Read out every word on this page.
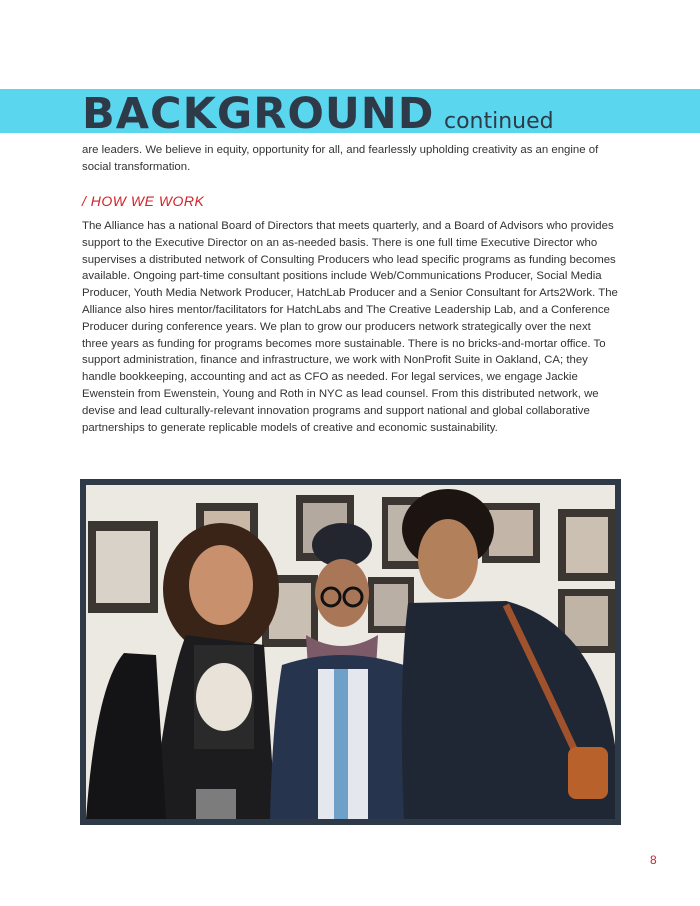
BACKGROUND continued

are leaders. We believe in equity, opportunity for all, and fearlessly upholding creativity as an engine of social transformation.

/ HOW WE WORK

The Alliance has a national Board of Directors that meets quarterly, and a Board of Advisors who provides support to the Executive Director on an as-needed basis. There is one full time Executive Director who supervises a distributed network of Consulting Producers who lead specific programs as funding becomes available. Ongoing part-time consultant positions include Web/Communications Producer, Social Media Producer, Youth Media Network Producer, HatchLab Producer and a Senior Consultant for Arts2Work. The Alliance also hires mentor/facilitators for HatchLabs and The Creative Leadership Lab, and a Conference Producer during conference years. We plan to grow our producers network strategically over the next three years as funding for programs becomes more sustainable. There is no bricks-and-mortar office. To support administration, finance and infrastructure, we work with NonProfit Suite in Oakland, CA; they handle bookkeeping, accounting and act as CFO as needed. For legal services, we engage Jackie Ewenstein from Ewenstein, Young and Roth in NYC as lead counsel. From this distributed network, we devise and lead culturally-relevant innovation programs and support national and global collaborative partnerships to generate replicable models of creative and economic sustainability.

8
